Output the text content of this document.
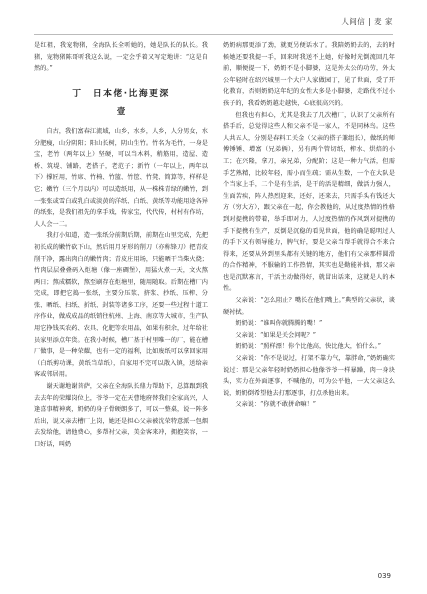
人间信 | 麦 家

是红祖，我宠物猪，全海队长全听她的，她是队长的队长。我猪，宠物猪陈哥听我这么说，一定会乎着又写定地讲：“这是自然的。”

丁　日本佬·比海更深
壹

自古，我们富春江流域，山乡，水乡，人乡，人分男女，水分肥瘦，山分阴阳；阳山长树，阴山生竹。竹名为毛竹，一身是宝，老竹（两年以上）坚硬，可以当木料，稍筋用，造屋、造桥、筑堤、铺路，老搭子，老范子；新竹（一年以上，两年以下）撑匠用，竹席、竹椅、竹篮、竹筐、竹凳、简算等，样样是它；嫩竹（三个月以内）可以造纸用，从一株株青绿的嫩竹，到一张张或雪白或乳白或淡黄的洋纸、白纸、黄纸等功能用途各异的纸张，是我们祖先的拿手戏，传家宝，代代传，村村有作坊，人人会一二。

我打小知道，造一张纸分前期后期，前期在山里完成，先把初长成的嫩竹砍下山，然后用月牙形的削刀（亦称锋刀）把青皮削干净，露出肉白的嫩竹肉；青皮庄用场，只能晒干当柴火烧；竹肉层层叠叠码入炬塘（像一座碉堡），用猛火煮一天，文火熬两日；熬成糯软，熬至刷存在炬塘里，随用随取。后期在槽厂内完成，即把它捣一张纸，主要分压浆、挤浆、抄纸、压榨、分张、晒纸、扫纸、折纸、封装等诸多工序，还要一些过程十道工序作业，做成成品的纸销往杭州、上海、南京等大城市，生产队用它挣钱买农药、农具、化肥等农用品，如果有积余，过年给社员家里添点年货。在我小时候，槽厂基于村里唯一的厂，能在槽厂做事，是一种荣耀，也有一定的福利，比如废纸可以拿回家用（白纸剪功课，黄纸当草纸），自家用不完可以散入镇，送给亲客或邻居用。

谢天谢地谢菩萨，父亲在全海队长鼎力帮助下，总算跟到我去去年的荣耀岗位上，爷爷一定在天曹地府替我们全家高兴，人逢喜事精神爽，奶奶的身子骨硬朗多了，可以一整桌，说一阵多后出，说又亲去槽厂上岗，她还是担心父亲被沈荣特意派一包烟去发给他，请他费心，多帮衬父亲，美金客来冲，拥抱笑容，一口好话，叫奶

奶奶病那更添了劲，就更另便话水了。我陪奶奶去的，去的时候她还要我提一手，回来时我送不上她，好像时光倒流回几年前，顺便提一下，奶奶不是小脚婆，这是外太公的功劳，外太公年轻时在绍兴城里一个大户人家做园丁，见了世面，受了开化教育，否则奶奶这年纪的女性大多是小脚婆，走路伐不过小孩子的，我看奶奶越走越快，心底很高兴的。

但我也有担心，尤其是我去了几次槽厂，认识了父亲所有搭手后，总觉得这些人和父亲不是一家人，不是同林鸟。这些人共五人，分别是春料工关金（父亲的搭子兼组长），做纸的师傅锤锤、增富（兄弟俩），另有两个管切纸，榨水、烘焙的小工；在兴隆，拿刀，亲兄弟，分配阶；这是一种力气活，但需手艺熟精，比较年轻，需小而生疏；需从生数，一个在大队是个当家上手，二个是有生活，是干的活是精细，做活力强人，生面苦疾，阵人热烈迎来，还好，还来去，只需手头有钱还大方（穷大方），跟父亲在一起，你会教他的，从过度热情的性格到对提携的带着，举手即对力，人过度热情的作风到对提携的手下提携有生产，反倒是沉稳的看见世面，他的确是聪明过人的手下又有领导能力，脾气好，要是父亲当帮手就得合不来合得来，还要从外到里头都有关键的地方，他们有父亲那样圆滑的合作精神，不服输的工作热情，其实也是勤能补拙，那父亲也是沉默寡言，干活主动做得好，就冒出话来，这就是人的本性。

父亲说：“怎么阻止？嘴长在他们嘴上。”典型的父亲状，谈硬衬拭。

奶奶说：“谁叫你就腾腾的嘴！”

父亲说：“如果是关会问呢？”

奶奶说：“照样漂！你个比他高，快比他大，怕什么。”

父亲说：“你不是说过，打架不靠力气，靠胖命，”奶奶确实说过：那是父亲年轻时奶奶担心他像爷爷一样暴躁，肉一身块头，实力在外面逐事，不喊他的，可为公平他，一大父亲这么说，奶奶倒希望他去打那逐事，打点杀他出来。

父亲说：“你就不敢拼命嘛！”

039
